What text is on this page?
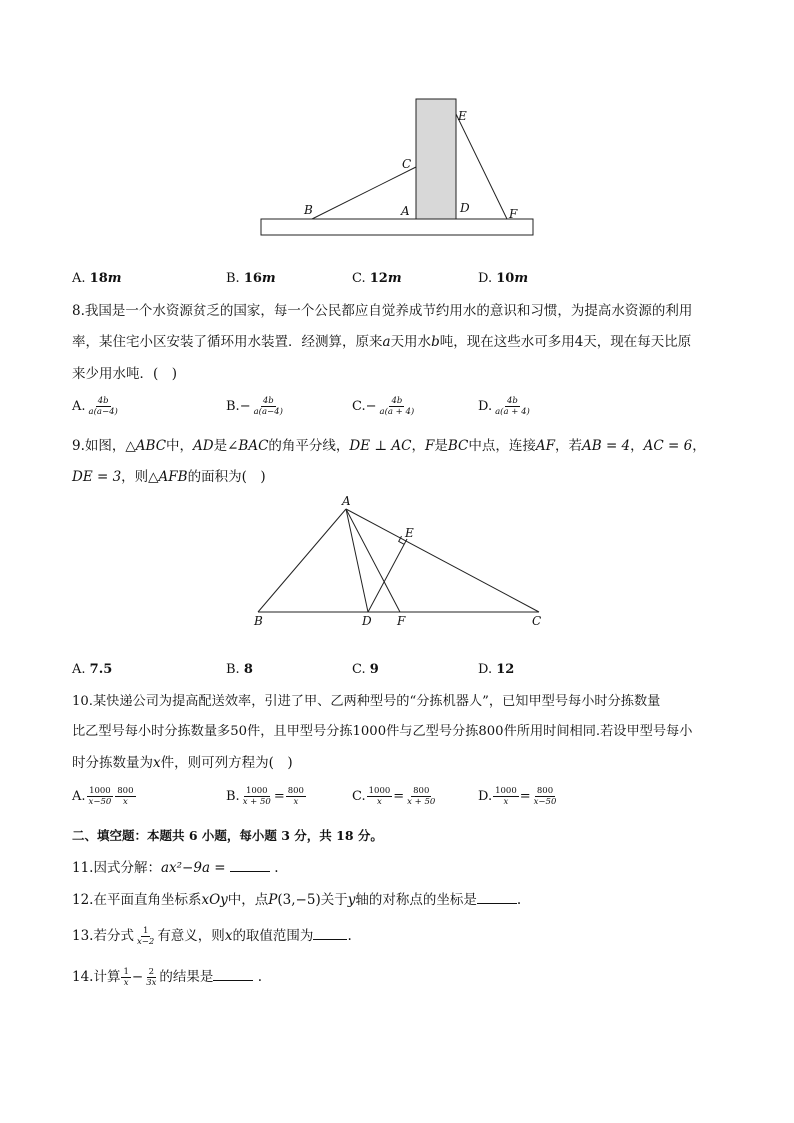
E
C
B	A	D	F
A. 18m	B. 16m	C. 12m	D. 10m
8.我国是一个水资源贫乏的国家，每一个公民都应自觉养成节约用水的意识和习惯，为提高水资源的利用
率，某住宅小区安装了循环用水装置．经测算，原来a天用水b吨，现在这些水可多用4天，现在每天比原
来少用水吨．(　)
A. $\frac{4b}{a(a-4)}$	$B.- \frac{4b}{a(a-4)}$	$C.- \frac{4b}{a(a + 4)}$	D. $\frac{4b}{a(a + 4)}$
9.如图，△ABC中，AD是∠BAC的角平分线，DE ⊥ AC，F是BC中点，连接AF，若AB = 4，AC = 6，
DE = 3，则△AFB的面积为(　)
A
E
B	D F	C
A. 7.5	B. 8	C. 9	D. 12
10.某快递公司为提高配送效率，引进了甲、乙两种型号的“分拣机器人”，已知甲型号每小时分拣数量
比乙型号每小时分拣数量多50件，且甲型号分拣1000件与乙型号分拣800件所用时间相同.若设甲型号每小
时分拣数量为x件，则可列方程为(　)
A. $\frac{1000}{x-50} \frac{800}{x}$	B. $\frac{1000}{x + 50} = \frac{800}{x}$	C. $\frac{1000}{x} = \frac{800}{x + 50}$	D. $\frac{1000}{x} = \frac{800}{x-50}$
二、填空题：本题共 6 小题，每小题 3 分，共 18 分。
11.因式分解：ax²−9a =	.
12.在平面直角坐标系xOy中，点P(3,−5)关于y轴的对称点的坐标是	.
13.若分式 $\frac{1}{x-2}$ 有意义，则x的取值范围为	.
14.计算 $\frac{1}{x} - \frac{2}{3x}$ 的结果是	.
